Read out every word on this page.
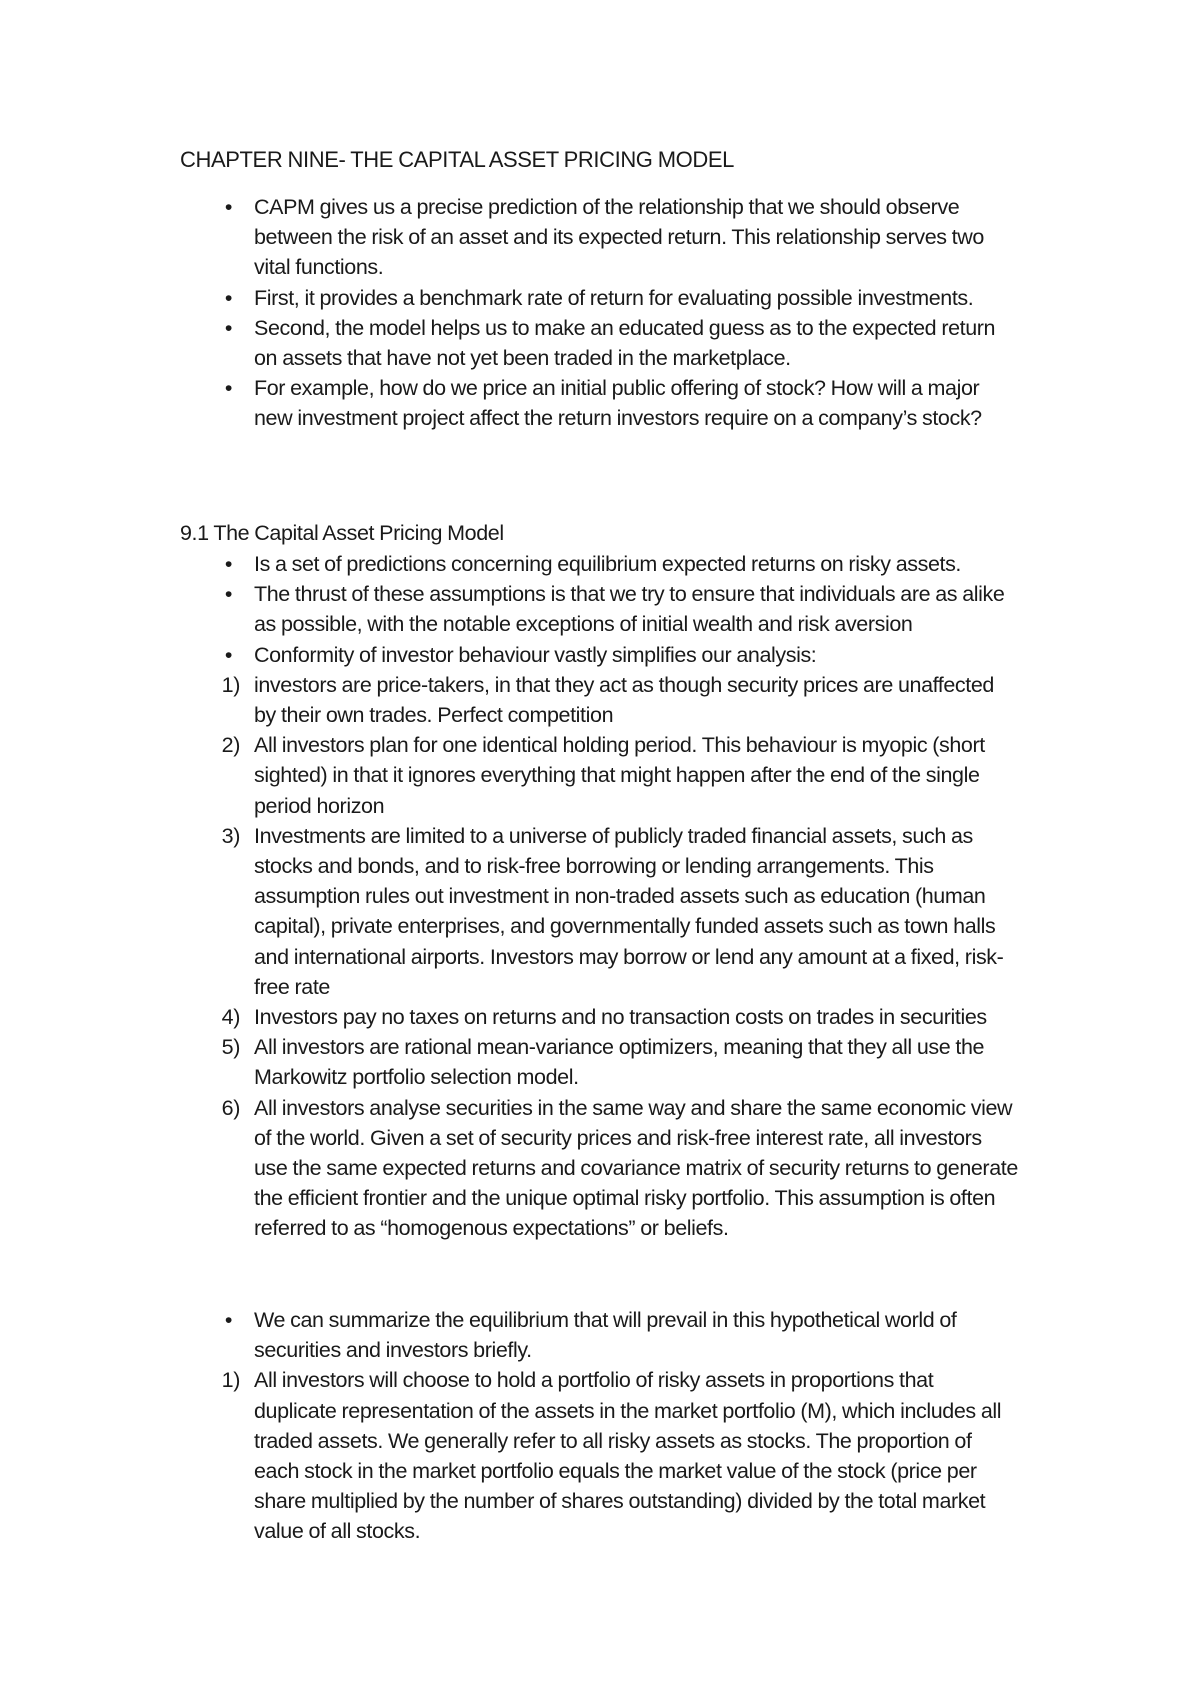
CHAPTER NINE- THE CAPITAL ASSET PRICING MODEL
• CAPM gives us a precise prediction of the relationship that we should observe between the risk of an asset and its expected return. This relationship serves two vital functions.
• First, it provides a benchmark rate of return for evaluating possible investments.
• Second, the model helps us to make an educated guess as to the expected return on assets that have not yet been traded in the marketplace.
• For example, how do we price an initial public offering of stock? How will a major new investment project affect the return investors require on a company’s stock?
9.1 The Capital Asset Pricing Model
• Is a set of predictions concerning equilibrium expected returns on risky assets.
• The thrust of these assumptions is that we try to ensure that individuals are as alike as possible, with the notable exceptions of initial wealth and risk aversion
• Conformity of investor behaviour vastly simplifies our analysis:
1) investors are price-takers, in that they act as though security prices are unaffected by their own trades. Perfect competition
2) All investors plan for one identical holding period. This behaviour is myopic (short sighted) in that it ignores everything that might happen after the end of the single period horizon
3) Investments are limited to a universe of publicly traded financial assets, such as stocks and bonds, and to risk-free borrowing or lending arrangements. This assumption rules out investment in non-traded assets such as education (human capital), private enterprises, and governmentally funded assets such as town halls and international airports. Investors may borrow or lend any amount at a fixed, risk-free rate
4) Investors pay no taxes on returns and no transaction costs on trades in securities
5) All investors are rational mean-variance optimizers, meaning that they all use the Markowitz portfolio selection model.
6) All investors analyse securities in the same way and share the same economic view of the world. Given a set of security prices and risk-free interest rate, all investors use the same expected returns and covariance matrix of security returns to generate the efficient frontier and the unique optimal risky portfolio. This assumption is often referred to as “homogenous expectations” or beliefs.
• We can summarize the equilibrium that will prevail in this hypothetical world of securities and investors briefly.
1) All investors will choose to hold a portfolio of risky assets in proportions that duplicate representation of the assets in the market portfolio (M), which includes all traded assets. We generally refer to all risky assets as stocks. The proportion of each stock in the market portfolio equals the market value of the stock (price per share multiplied by the number of shares outstanding) divided by the total market value of all stocks.
